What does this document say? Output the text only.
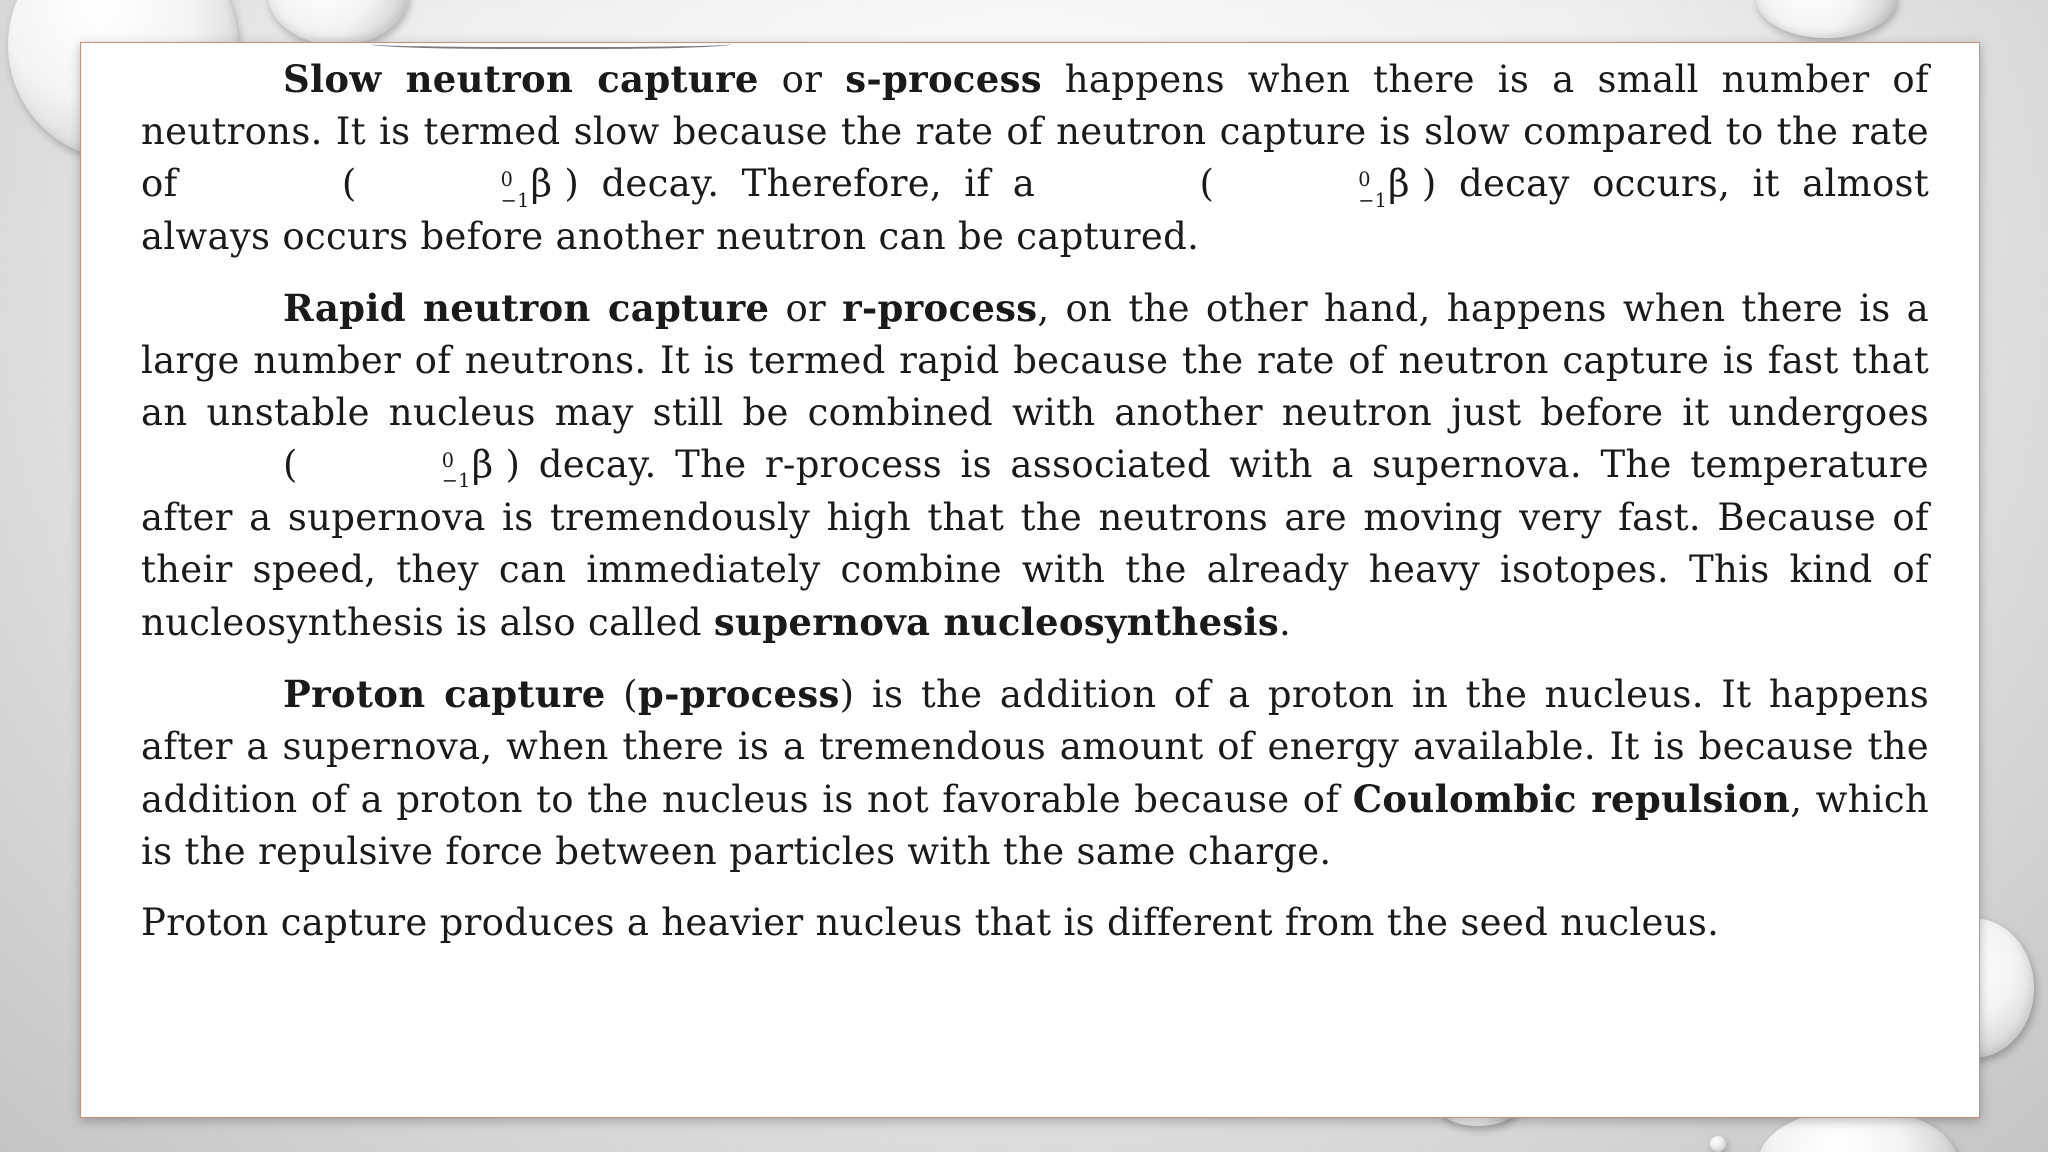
Slow neutron capture or s-process happens when there is a small number of neutrons. It is termed slow because the rate of neutron capture is slow compared to the rate of	(	0
−1 β ) decay. Therefore, if a	(	0
−1 β ) decay occurs, it almost always occurs before another neutron can be captured.

Rapid neutron capture or r-process, on the other hand, happens when there is a large number of neutrons. It is termed rapid because the rate of neutron capture is fast that an unstable nucleus may still be combined with another neutron just before it undergoes (	0
−1 β ) decay. The r-process is associated with a supernova. The temperature after a supernova is tremendously high that the neutrons are moving very fast. Because of their speed, they can immediately combine with the already heavy isotopes. This kind of nucleosynthesis is also called supernova nucleosynthesis.

Proton capture (p-process) is the addition of a proton in the nucleus. It happens after a supernova, when there is a tremendous amount of energy available. It is because the addition of a proton to the nucleus is not favorable because of Coulombic repulsion, which is the repulsive force between particles with the same charge.

Proton capture produces a heavier nucleus that is different from the seed nucleus.
